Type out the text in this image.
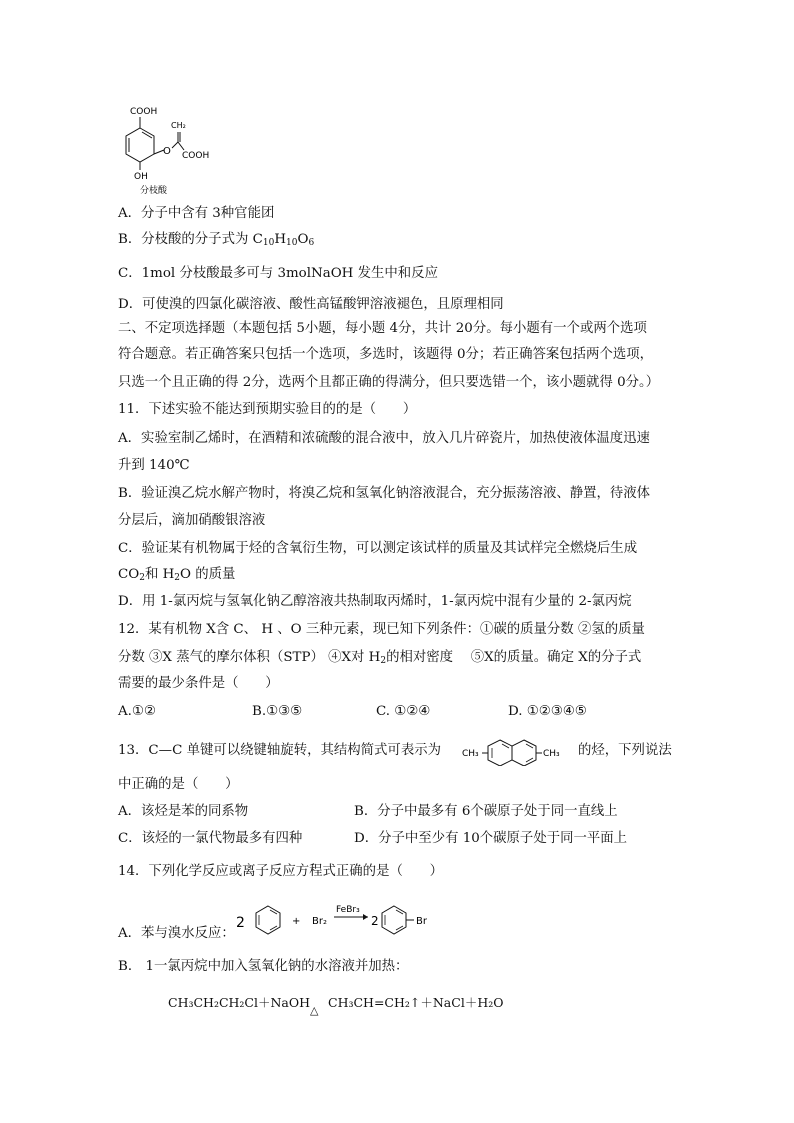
COOH
OH
O
CH₂
COOH
分枝酸
A．分子中含有 3种官能团
B．分枝酸的分子式为 C10H10O6
C．1mol 分枝酸最多可与 3molNaOH 发生中和反应
D．可使溴的四氯化碳溶液、酸性高锰酸钾溶液褪色，且原理相同
二、不定项选择题（本题包括 5小题，每小题 4分，共计 20分。每小题有一个或两个选项
符合题意。若正确答案只包括一个选项，多选时，该题得 0分；若正确答案包括两个选项，
只选一个且正确的得 2分，选两个且都正确的得满分，但只要选错一个，该小题就得 0分。）
11．下述实验不能达到预期实验目的的是（　　）
A．实验室制乙烯时，在酒精和浓硫酸的混合液中，放入几片碎瓷片，加热使液体温度迅速
升到 140℃
B．验证溴乙烷水解产物时，将溴乙烷和氢氧化钠溶液混合，充分振荡溶液、静置，待液体
分层后，滴加硝酸银溶液
C．验证某有机物属于烃的含氧衍生物，可以测定该试样的质量及其试样完全燃烧后生成
CO2和 H2O 的质量
D．用 1-氯丙烷与氢氧化钠乙醇溶液共热制取丙烯时，1-氯丙烷中混有少量的 2-氯丙烷
12．某有机物 X含 C、 H 、O 三种元素，现已知下列条件：①碳的质量分数 ②氢的质量
分数 ③X 蒸气的摩尔体积（STP） ④X对 H2的相对密度　 ⑤X的质量。确定 X的分子式
需要的最少条件是（　　）
A.①②	B.①③⑤	C. ①②④	D. ①②③④⑤
13．C—C 单键可以绕键轴旋转，其结构简式可表示为 CH₃	CH₃ 的烃，下列说法
中正确的是（　　）
A．该烃是苯的同系物	B．分子中最多有 6个碳原子处于同一直线上
C．该烃的一氯代物最多有四种	D．分子中至少有 10个碳原子处于同一平面上
14．下列化学反应或离子反应方程式正确的是（　　）
A．苯与溴水反应：
2	+ Br₂
FeBr₃
2	Br
B． 1一氯丙烷中加入氢氧化钠的水溶液并加热：
CH₃CH₂CH₂Cl＋NaOH
△
CH₃CH=CH₂↑＋NaCl＋H₂O
